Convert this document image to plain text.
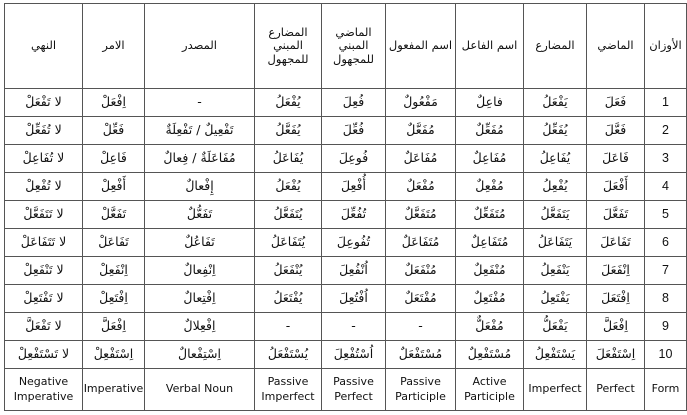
النهي	الامر	المصدر	المضارع المبني للمجهول	الماضي المبني للمجهول	اسم المفعول	اسم الفاعل	المضارع	الماضي	الأوزان
لا تَفْعَلْ	اِفْعَلْ	-	يُفْعَلُ	فُعِلَ	مَفْعُولٌ	فاعِلٌ	يَفْعَلُ	فَعَلَ	1
لا تُفَعِّلْ	فَعِّلْ	تَفْعِيلٌ / تَفْعِلَةٌ	يُفَعَّلُ	فُعِّلَ	مُفَعَّلٌ	مُفَعِّلٌ	يُفَعِّلُ	فَعَّلَ	2
لا تُفَاعِلْ	فَاعِلْ	مُفَاعَلَةٌ / فِعالٌ	يُفَاعَلُ	فُوعِلَ	مُفَاعَلٌ	مُفَاعِلٌ	يُفَاعِلُ	فَاعَلَ	3
لا تُفْعِلْ	أَفْعِلْ	إِفْعالٌ	يُفْعَلُ	أُفْعِلَ	مُفْعَلٌ	مُفْعِلٌ	يُفْعِلُ	أَفْعَلَ	4
لا تَتَفَعَّلْ	تَفَعَّلْ	تَفَعُّلٌ	يُتَفَعَّلُ	تُفُعِّلَ	مُتَفَعَّلٌ	مُتَفَعِّلٌ	يَتَفَعَّلُ	تَفَعَّلَ	5
لا تَتَفَاعَلْ	تَفَاعَلْ	تَفَاعُلٌ	يُتَفَاعَلُ	تُفُوعِلَ	مُتَفَاعَلٌ	مُتَفَاعِلٌ	يَتَفَاعَلُ	تَفَاعَلَ	6
لا تَنْفَعِلْ	اِنْفَعِلْ	اِنْفِعالٌ	يُنْفَعَلُ	اُنْفُعِلَ	مُنْفَعَلٌ	مُنْفَعِلٌ	يَنْفَعِلُ	اِنْفَعَلَ	7
لا تَفْتَعِلْ	اِفْتَعِلْ	اِفْتِعالٌ	يُفْتَعَلُ	اُفْتُعِلَ	مُفْتَعَلٌ	مُفْتَعِلٌ	يَفْتَعِلُ	اِفْتَعَلَ	8
لا تَفْعَلَّ	اِفْعَلَّ	اِفْعِلالٌ	-	-	-	مُفْعَلٌّ	يَفْعَلُّ	اِفْعَلَّ	9
لا تَسْتَفْعِلْ	اِسْتَفْعِلْ	اِسْتِفْعالٌ	يُسْتَفْعَلُ	اُسْتُفْعِلَ	مُسْتَفْعَلٌ	مُسْتَفْعِلٌ	يَسْتَفْعِلُ	اِسْتَفْعَلَ	10
Negative Imperative	Imperative	Verbal Noun	Passive Imperfect	Passive Perfect	Passive Participle	Active Participle	Imperfect	Perfect	Form
